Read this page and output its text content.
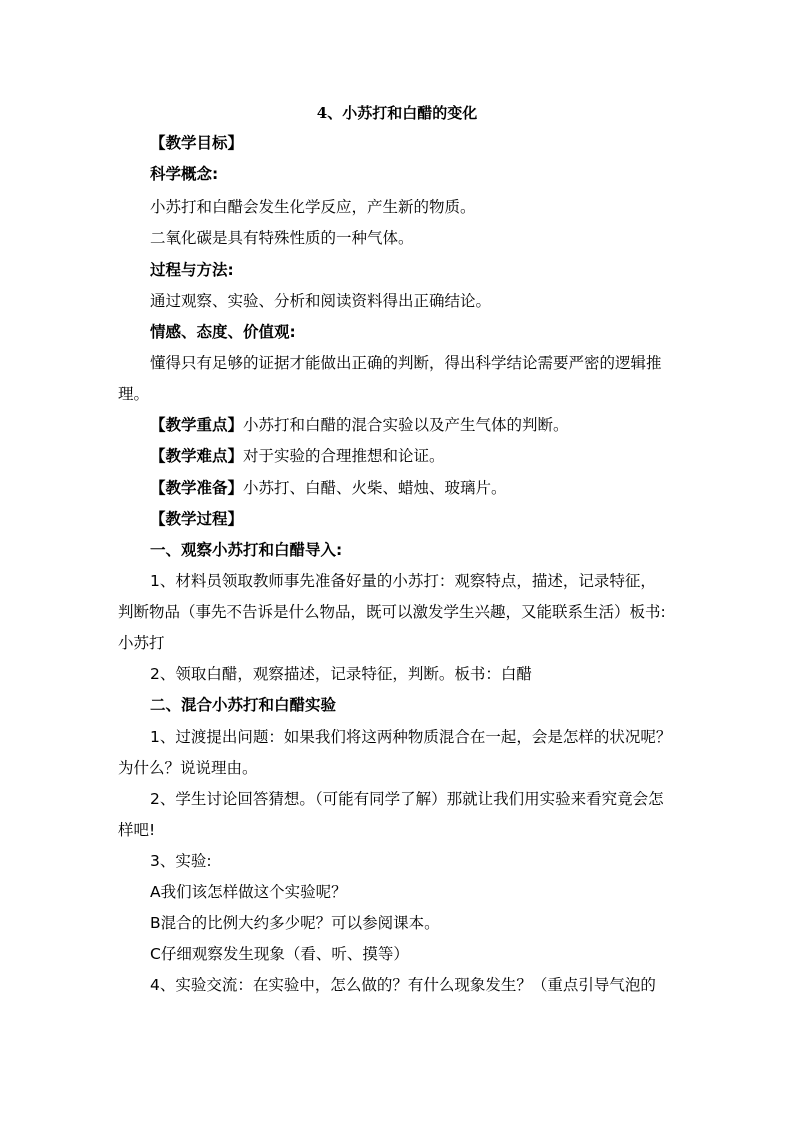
4、小苏打和白醋的变化
【教学目标】
科学概念:
小苏打和白醋会发生化学反应，产生新的物质。
二氧化碳是具有特殊性质的一种气体。
过程与方法:
通过观察、实验、分析和阅读资料得出正确结论。
情感、态度、价值观:
懂得只有足够的证据才能做出正确的判断，得出科学结论需要严密的逻辑推
理。
【教学重点】小苏打和白醋的混合实验以及产生气体的判断。
【教学难点】对于实验的合理推想和论证。
【教学准备】小苏打、白醋、火柴、蜡烛、玻璃片。
【教学过程】
一、观察小苏打和白醋导入:
1、材料员领取教师事先准备好量的小苏打：观察特点，描述，记录特征，
判断物品（事先不告诉是什么物品，既可以激发学生兴趣，又能联系生活）板书:
小苏打
2、领取白醋，观察描述，记录特征，判断。板书：白醋
二、混合小苏打和白醋实验
1、过渡提出问题：如果我们将这两种物质混合在一起，会是怎样的状况呢？
为什么？说说理由。
2、学生讨论回答猜想。（可能有同学了解）那就让我们用实验来看究竟会怎
样吧!
3、实验:
A我们该怎样做这个实验呢？
B混合的比例大约多少呢？可以参阅课本。
C仔细观察发生现象（看、听、摸等）
4、实验交流：在实验中，怎么做的？有什么现象发生？（重点引导气泡的
